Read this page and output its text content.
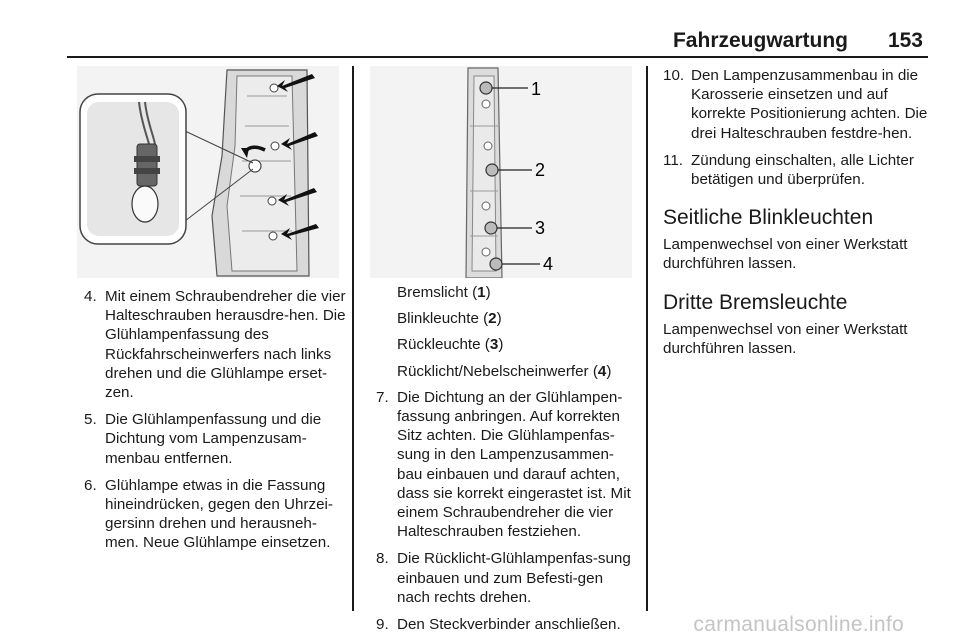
Fahrzeugwartung 153
1
2
3
4
4. Mit einem Schraubendreher die vier Halteschrauben herausdre-hen. Die Glühlampenfassung des Rückfahrscheinwerfers nach links drehen und die Glühlampe erset-zen.
5. Die Glühlampenfassung und die Dichtung vom Lampenzusam-menbau entfernen.
6. Glühlampe etwas in die Fassung hineindrücken, gegen den Uhrzei-gersinn drehen und herausneh-men. Neue Glühlampe einsetzen.
Bremslicht (1)
Blinkleuchte (2)
Rückleuchte (3)
Rücklicht/Nebelscheinwerfer (4)
7. Die Dichtung an der Glühlampen-fassung anbringen. Auf korrekten Sitz achten. Die Glühlampenfas-sung in den Lampenzusammen-bau einbauen und darauf achten, dass sie korrekt eingerastet ist. Mit einem Schraubendreher die vier Halteschrauben festziehen.
8. Die Rücklicht-Glühlampenfas-sung einbauen und zum Befesti-gen nach rechts drehen.
9. Den Steckverbinder anschließen.
10. Den Lampenzusammenbau in die Karosserie einsetzen und auf korrekte Positionierung achten. Die drei Halteschrauben festdre-hen.
11. Zündung einschalten, alle Lichter betätigen und überprüfen.
Seitliche Blinkleuchten
Lampenwechsel von einer Werkstatt durchführen lassen.
Dritte Bremsleuchte
Lampenwechsel von einer Werkstatt durchführen lassen.
carmanualsonline.info
